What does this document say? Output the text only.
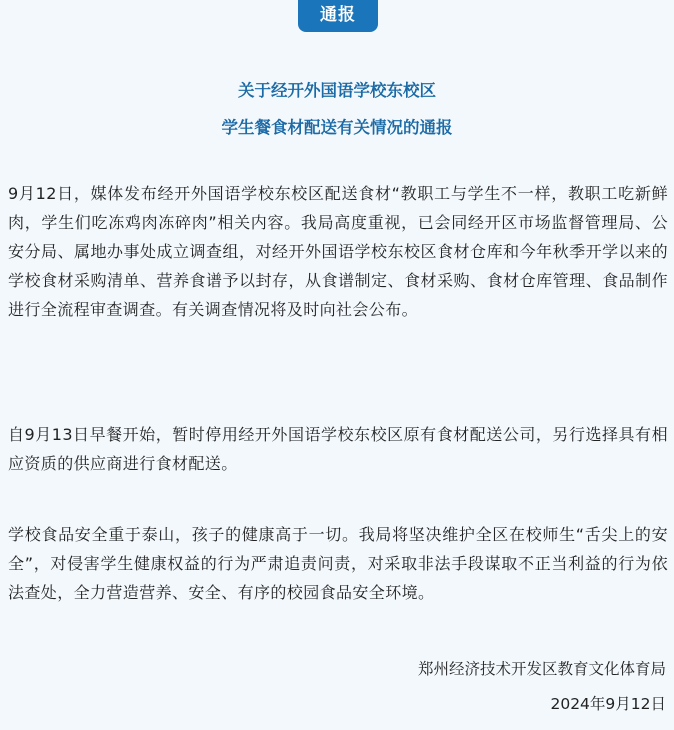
通报
关于经开外国语学校东校区
学生餐食材配送有关情况的通报
9月12日，媒体发布经开外国语学校东校区配送食材“教职工与学生不一样，教职工吃新鲜肉，学生们吃冻鸡肉冻碎肉”相关内容。我局高度重视，已会同经开区市场监督管理局、公安分局、属地办事处成立调查组，对经开外国语学校东校区食材仓库和今年秋季开学以来的学校食材采购清单、营养食谱予以封存，从食谱制定、食材采购、食材仓库管理、食品制作进行全流程审查调查。有关调查情况将及时向社会公布。
自9月13日早餐开始，暂时停用经开外国语学校东校区原有食材配送公司，另行选择具有相应资质的供应商进行食材配送。
学校食品安全重于泰山，孩子的健康高于一切。我局将坚决维护全区在校师生“舌尖上的安全”，对侵害学生健康权益的行为严肃追责问责，对采取非法手段谋取不正当利益的行为依法查处，全力营造营养、安全、有序的校园食品安全环境。
郑州经济技术开发区教育文化体育局
2024年9月12日
